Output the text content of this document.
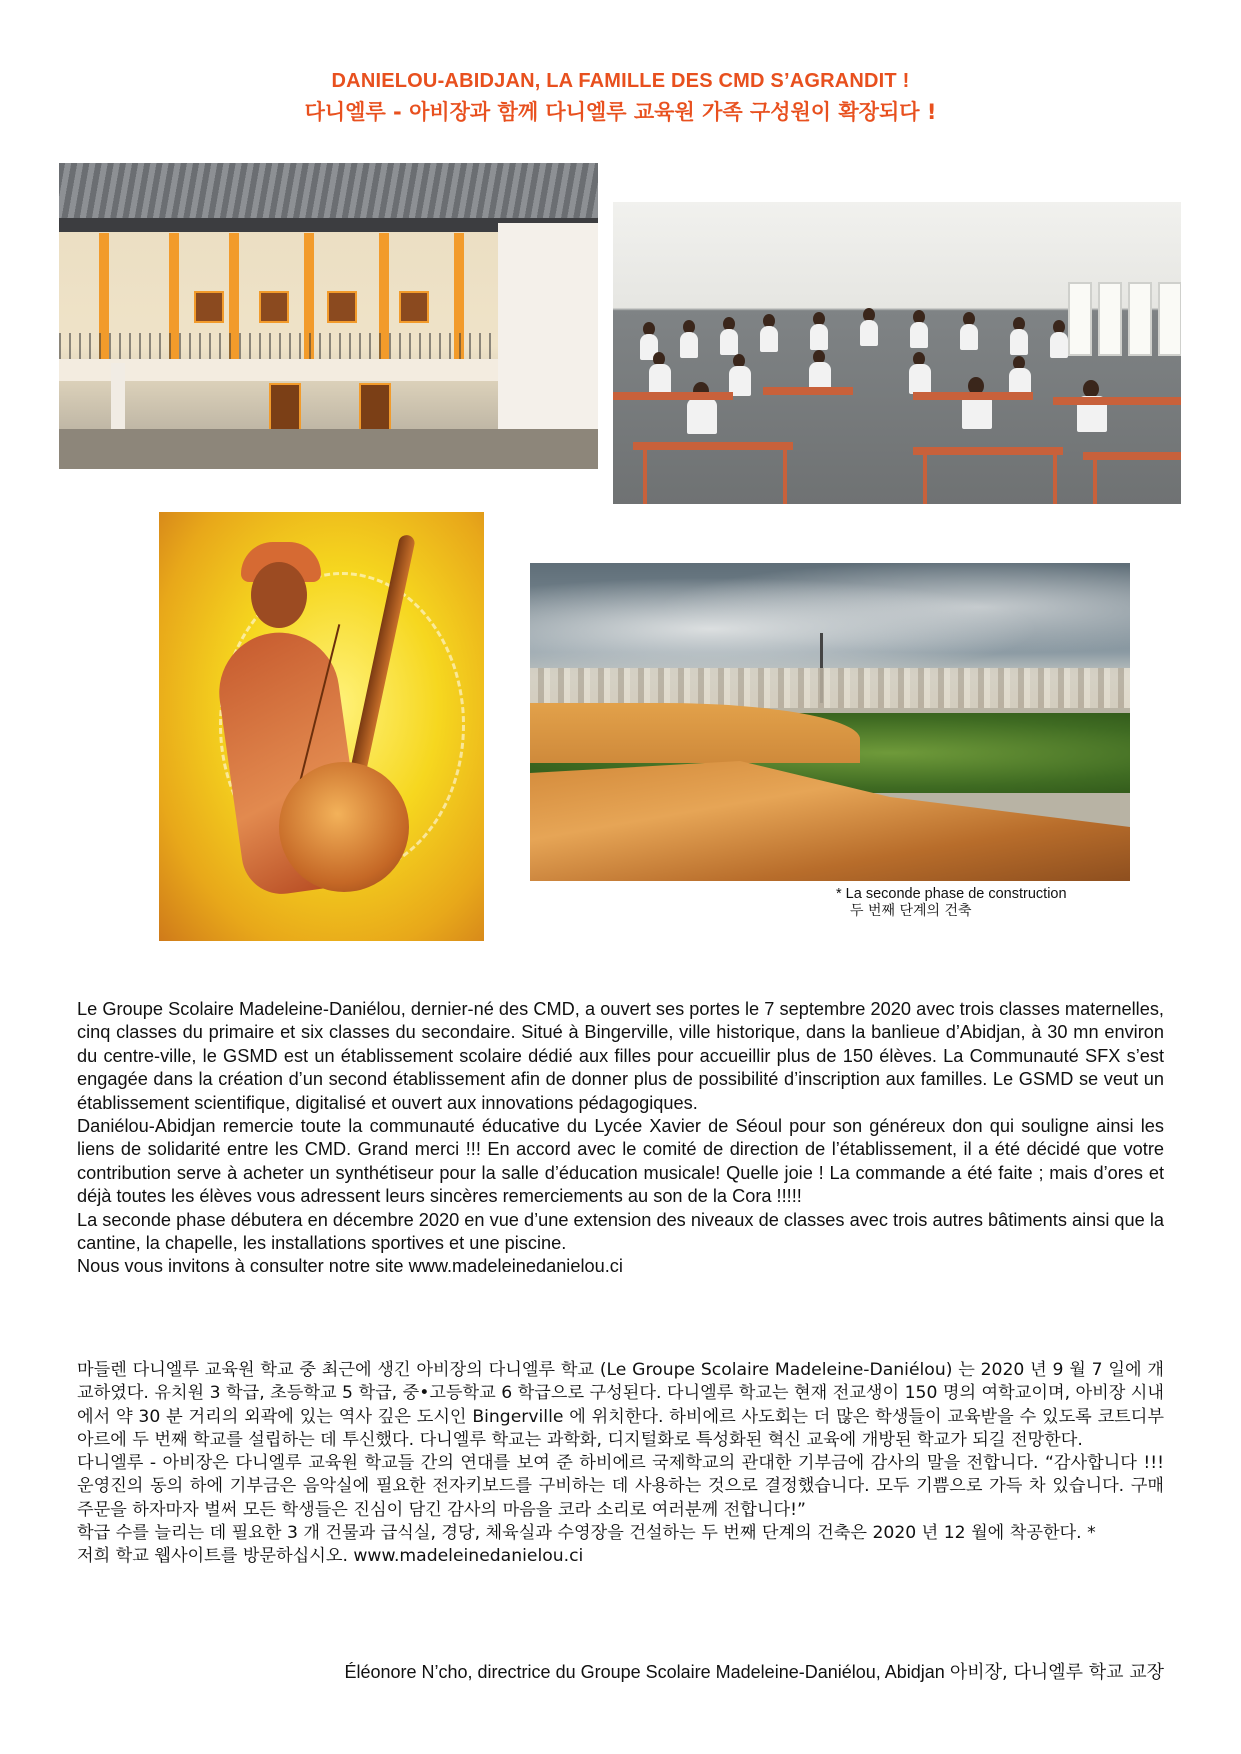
DANIELOU-ABIDJAN, LA FAMILLE DES CMD S’AGRANDIT !
다니엘루 - 아비장과 함께 다니엘루 교육원 가족 구성원이 확장되다 !
* La seconde phase de construction
두 번째 단계의 건축

Le Groupe Scolaire Madeleine-Daniélou, dernier-né des CMD, a ouvert ses portes le 7 septembre 2020 avec trois classes maternelles, cinq classes du primaire et six classes du secondaire. Situé à Bingerville, ville historique, dans la banlieue d’Abidjan, à 30 mn environ du centre-ville, le GSMD est un établissement scolaire dédié aux filles pour accueillir plus de 150 élèves. La Communauté SFX s’est engagée dans la création d’un second établissement afin de donner plus de possibilité d’inscription aux familles. Le GSMD se veut un établissement scientifique, digitalisé et ouvert aux innovations pédagogiques.

Daniélou-Abidjan remercie toute la communauté éducative du Lycée Xavier de Séoul pour son généreux don qui souligne ainsi les liens de solidarité entre les CMD. Grand merci !!! En accord avec le comité de direction de l’établissement, il a été décidé que votre contribution serve à acheter un synthétiseur pour la salle d’éducation musicale! Quelle joie ! La commande a été faite ; mais d’ores et déjà toutes les élèves vous adressent leurs sincères remerciements au son de la Cora !!!!!

La seconde phase débutera en décembre 2020 en vue d’une extension des niveaux de classes avec trois autres bâtiments ainsi que la cantine, la chapelle, les installations sportives et une piscine.

Nous vous invitons à consulter notre site www.madeleinedanielou.ci

마들렌 다니엘루 교육원 학교 중 최근에 생긴 아비장의 다니엘루 학교 (Le Groupe Scolaire Madeleine-Daniélou) 는 2020 년 9 월 7 일에 개교하였다. 유치원 3 학급, 초등학교 5 학급, 중•고등학교 6 학급으로 구성된다. 다니엘루 학교는 현재 전교생이 150 명의 여학교이며, 아비장 시내에서 약 30 분 거리의 외곽에 있는 역사 깊은 도시인 Bingerville 에 위치한다. 하비에르 사도회는 더 많은 학생들이 교육받을 수 있도록 코트디부아르에 두 번째 학교를 설립하는 데 투신했다. 다니엘루 학교는 과학화, 디지털화로 특성화된 혁신 교육에 개방된 학교가 되길 전망한다.

다니엘루 - 아비장은 다니엘루 교육원 학교들 간의 연대를 보여 준 하비에르 국제학교의 관대한 기부금에 감사의 말을 전합니다. “감사합니다 !!! 운영진의 동의 하에 기부금은 음악실에 필요한 전자키보드를 구비하는 데 사용하는 것으로 결정했습니다. 모두 기쁨으로 가득 차 있습니다. 구매 주문을 하자마자 벌써 모든 학생들은 진심이 담긴 감사의 마음을 코라 소리로 여러분께 전합니다!”

학급 수를 늘리는 데 필요한 3 개 건물과 급식실, 경당, 체육실과 수영장을 건설하는 두 번째 단계의 건축은 2020 년 12 월에 착공한다. *

저희 학교 웹사이트를 방문하십시오. www.madeleinedanielou.ci

Éléonore N’cho, directrice du Groupe Scolaire Madeleine-Daniélou, Abidjan 아비장, 다니엘루 학교 교장
